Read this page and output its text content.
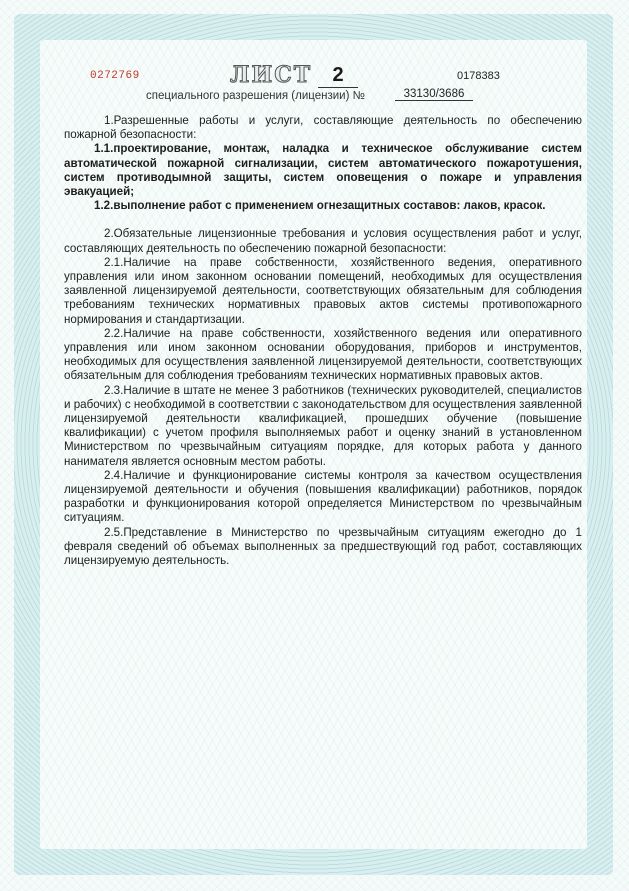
0272769	ЛИСТ	2	0178383
специального разрешения (лицензии) №	33130/3686

1.Разрешенные работы и услуги, составляющие деятельность по обеспечению пожарной безопасности:

1.1.проектирование, монтаж, наладка и техническое обслуживание систем автоматической пожарной сигнализации, систем автоматического пожаротушения, систем противодымной защиты, систем оповещения о пожаре и управления эвакуацией;

1.2.выполнение работ с применением огнезащитных составов: лаков, красок.

2.Обязательные лицензионные требования и условия осуществления работ и услуг, составляющих деятельность по обеспечению пожарной безопасности:

2.1.Наличие на праве собственности, хозяйственного ведения, оперативного управления или ином законном основании помещений, необходимых для осуществления заявленной лицензируемой деятельности, соответствующих обязательным для соблюдения требованиям технических нормативных правовых актов системы противопожарного нормирования и стандартизации.

2.2.Наличие на праве собственности, хозяйственного ведения или оперативного управления или ином законном основании оборудования, приборов и инструментов, необходимых для осуществления заявленной лицензируемой деятельности, соответствующих обязательным для соблюдения требованиям технических нормативных правовых актов.

2.3.Наличие в штате не менее 3 работников (технических руководителей, специалистов и рабочих) с необходимой в соответствии с законодательством для осуществления заявленной лицензируемой деятельности квалификацией, прошедших обучение (повышение квалификации) с учетом профиля выполняемых работ и оценку знаний в установленном Министерством по чрезвычайным ситуациям порядке, для которых работа у данного нанимателя является основным местом работы.

2.4.Наличие и функционирование системы контроля за качеством осуществления лицензируемой деятельности и обучения (повышения квалификации) работников, порядок разработки и функционирования которой определяется Министерством по чрезвычайным ситуациям.

2.5.Представление в Министерство по чрезвычайным ситуациям ежегодно до 1 февраля сведений об объемах выполненных за предшествующий год работ, составляющих лицензируемую деятельность.
